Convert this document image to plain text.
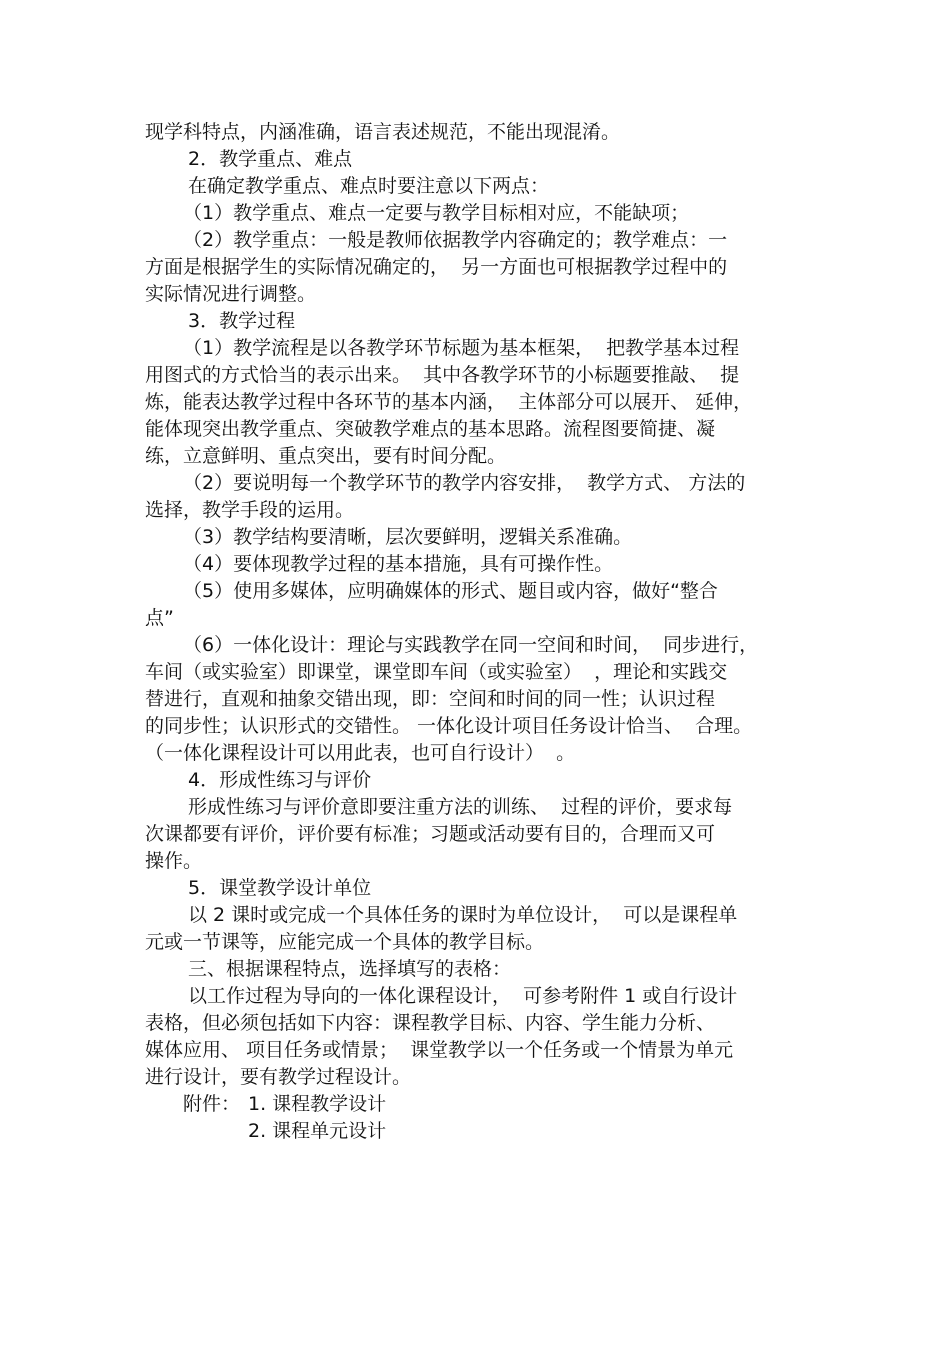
现学科特点，内涵准确，语言表述规范，不能出现混淆。
2．教学重点、难点
在确定教学重点、难点时要注意以下两点：
（1）教学重点、难点一定要与教学目标相对应，不能缺项；
（2）教学重点：一般是教师依据教学内容确定的；教学难点：一
方面是根据学生的实际情况确定的，  另一方面也可根据教学过程中的
实际情况进行调整。
3．教学过程
（1）教学流程是以各教学环节标题为基本框架，  把教学基本过程
用图式的方式恰当的表示出来。  其中各教学环节的小标题要推敲、  提
炼，能表达教学过程中各环节的基本内涵，  主体部分可以展开、 延伸，
能体现突出教学重点、突破教学难点的基本思路。流程图要简捷、凝
练，立意鲜明、重点突出，要有时间分配。
（2）要说明每一个教学环节的教学内容安排，  教学方式、 方法的
选择，教学手段的运用。
（3）教学结构要清晰，层次要鲜明，逻辑关系准确。
（4）要体现教学过程的基本措施，具有可操作性。
（5）使用多媒体，应明确媒体的形式、题目或内容，做好“整合
点”
（6）一体化设计：理论与实践教学在同一空间和时间，  同步进行，
车间（或实验室）即课堂，课堂即车间（或实验室）  ，理论和实践交
替进行，直观和抽象交错出现，即：空间和时间的同一性；认识过程
的同步性；认识形式的交错性。 一体化设计项目任务设计恰当、  合理。
（一体化课程设计可以用此表，也可自行设计）  。
4．形成性练习与评价
形成性练习与评价意即要注重方法的训练、  过程的评价，要求每
次课都要有评价，评价要有标准；习题或活动要有目的，合理而又可
操作。
5．课堂教学设计单位
以 2 课时或完成一个具体任务的课时为单位设计，  可以是课程单
元或一节课等，应能完成一个具体的教学目标。
三、根据课程特点，选择填写的表格：
以工作过程为导向的一体化课程设计，  可参考附件 1 或自行设计
表格，但必须包括如下内容：课程教学目标、内容、学生能力分析、
媒体应用、 项目任务或情景；  课堂教学以一个任务或一个情景为单元
进行设计，要有教学过程设计。
附件： 1. 课程教学设计
2. 课程单元设计
